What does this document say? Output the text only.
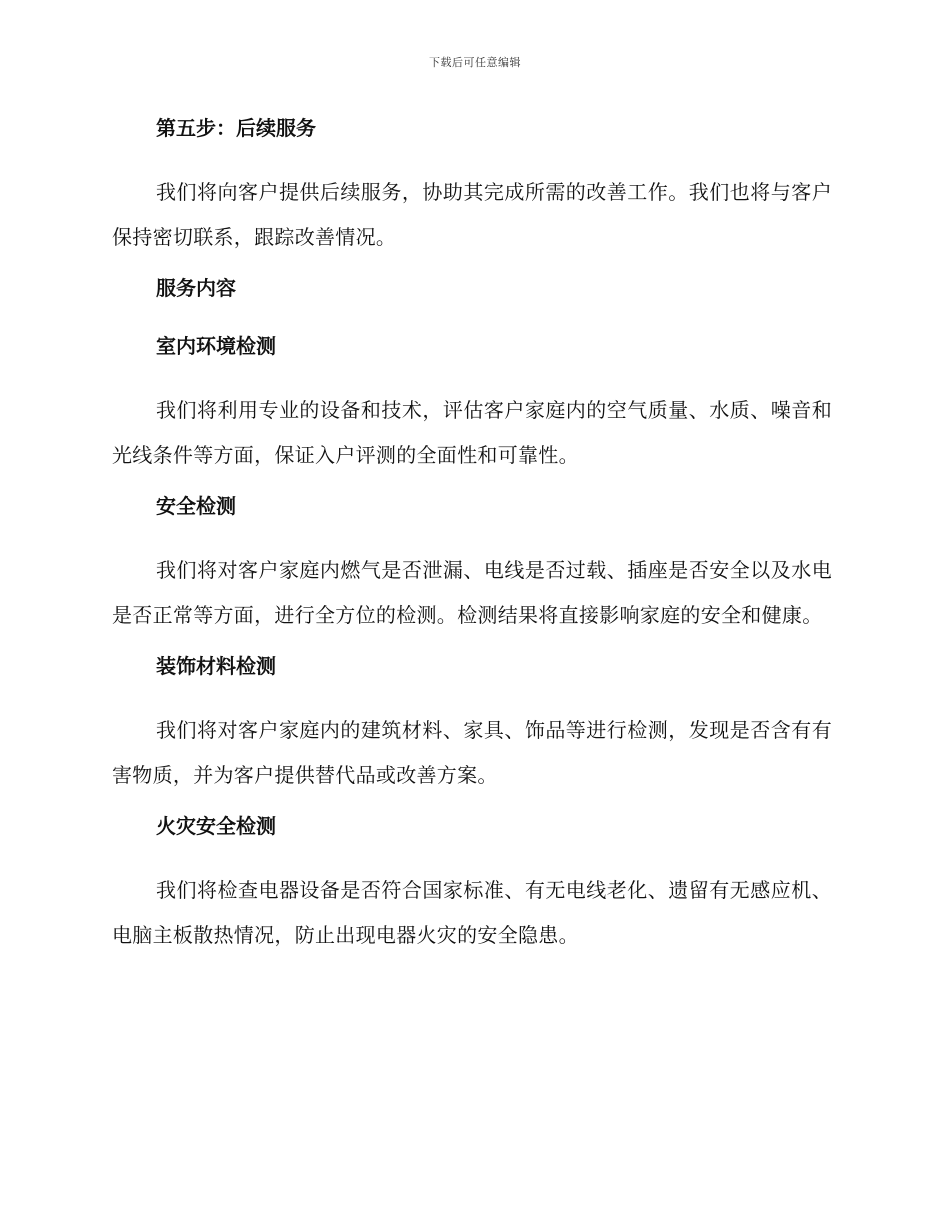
下载后可任意编辑
第五步：后续服务
我们将向客户提供后续服务，协助其完成所需的改善工作。我们也将与客户保持密切联系，跟踪改善情况。
服务内容
室内环境检测
我们将利用专业的设备和技术，评估客户家庭内的空气质量、水质、噪音和光线条件等方面，保证入户评测的全面性和可靠性。
安全检测
我们将对客户家庭内燃气是否泄漏、电线是否过载、插座是否安全以及水电是否正常等方面，进行全方位的检测。检测结果将直接影响家庭的安全和健康。
装饰材料检测
我们将对客户家庭内的建筑材料、家具、饰品等进行检测，发现是否含有有害物质，并为客户提供替代品或改善方案。
火灾安全检测
我们将检查电器设备是否符合国家标准、有无电线老化、遗留有无感应机、电脑主板散热情况，防止出现电器火灾的安全隐患。
